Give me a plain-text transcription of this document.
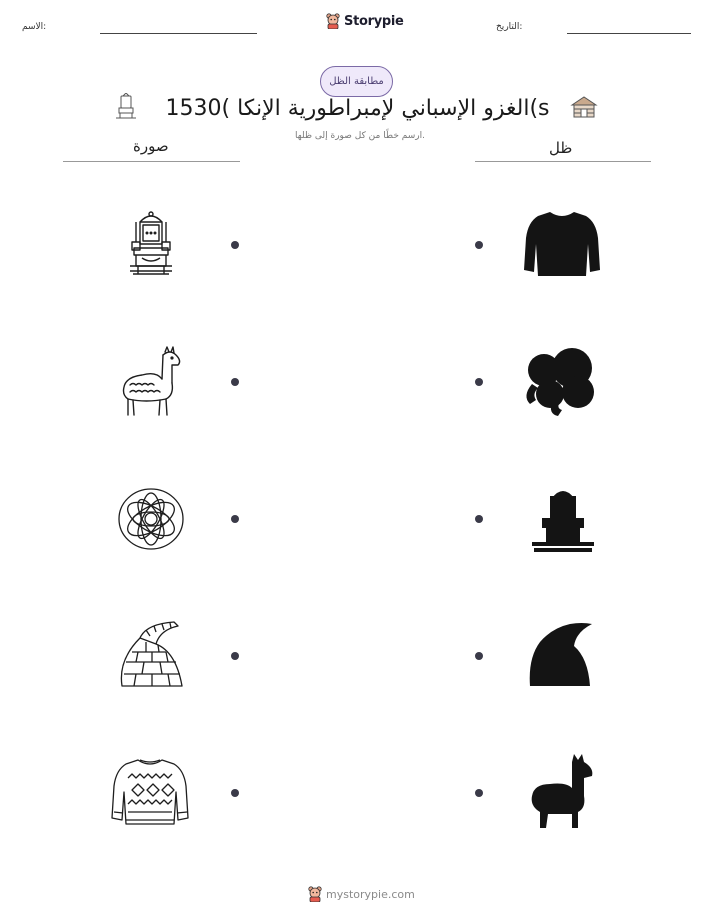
الاسم:	Storypie	التاريخ:
مطابقة الظل
الغزو الإسباني لإمبراطورية الإنكا )1530(s
ارسم خطًا من كل صورة إلى ظلها.
صورة	ظل
mystorypie.com
